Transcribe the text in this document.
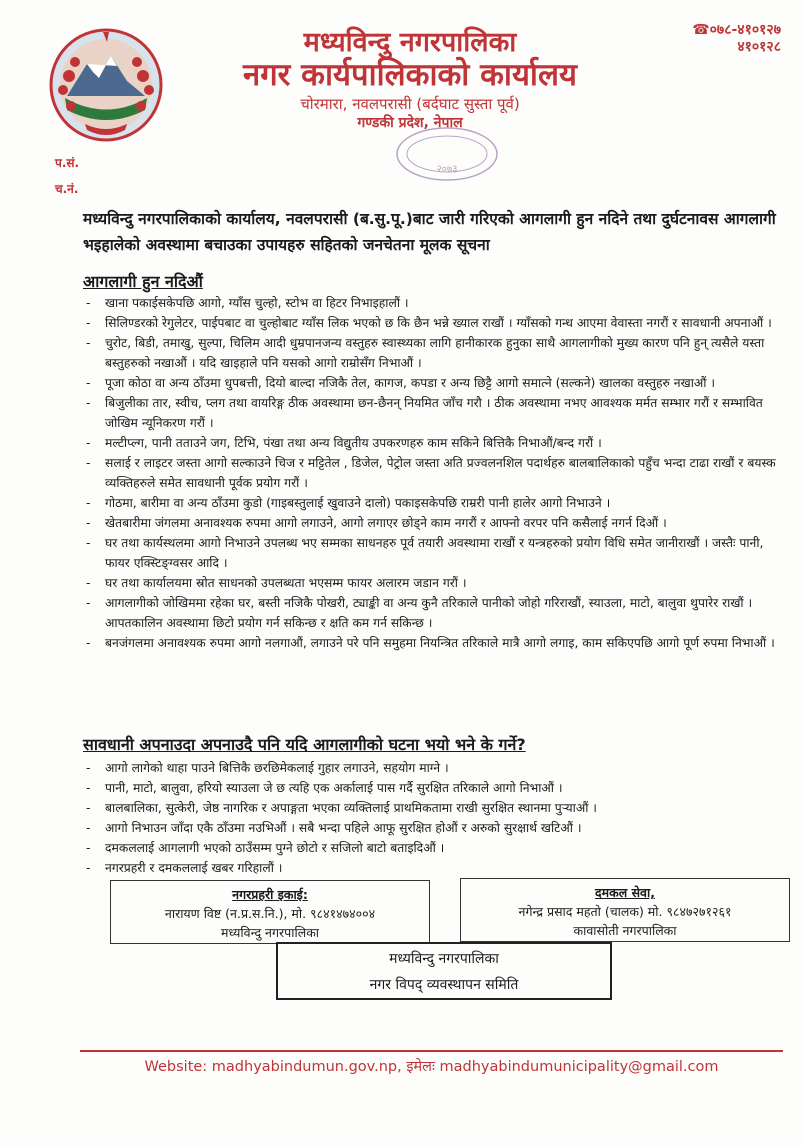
मध्यविन्दु नगरपालिका
नगर कार्यपालिकाको कार्यालय
चोरमारा, नवलपरासी (बर्दघाट सुस्ता पूर्व)
गण्डकी प्रदेश, नेपाल
☎०७८-४१०१२७
४१०१२८
२०७३
प.सं.
च.नं.
मध्यविन्दु नगरपालिकाको कार्यालय, नवलपरासी (ब.सु.पू.)बाट जारी गरिएको आगलागी हुन नदिने तथा दुर्घटनावस आगलागी भइहालेको अवस्थामा बचाउका उपायहरु सहितको जनचेतना मूलक सूचना
आगलागी हुन नदिऔं
- खाना पकाईसकेपछि आगो, ग्याँस चुल्हो, स्टोभ वा हिटर निभाइहालौं ।
- सिलिण्डरको रेगुलेटर, पाईपबाट वा चुल्होबाट ग्याँस लिक भएको छ कि छैन भन्ने ख्याल राखौं । ग्याँसको गन्ध आएमा वेवास्ता नगरौं र सावधानी अपनाऔं ।
- चुरोट, बिडी, तमाखु, सुल्पा, चिलिम आदी धुम्रपानजन्य वस्तुहरु स्वास्थ्यका लागि हानीकारक हुनुका साथै आगलागीको मुख्य कारण पनि हुन् त्यसैले यस्ता बस्तुहरुको नखाऔं । यदि खाइहाले पनि यसको आगो राम्रोसँग निभाऔं ।
- पूजा कोठा वा अन्य ठाँउमा धुपबत्ती, दियो बाल्दा नजिकै तेल, कागज, कपडा र अन्य छिट्टै आगो समात्ने (सल्कने) खालका वस्तुहरु नखाऔं ।
- बिजुलीका तार, स्वीच, प्लग तथा वायरिङ्ग ठीक अवस्थामा छन-छैनन् नियमित जाँच गरौ । ठीक अवस्थामा नभए आवश्यक मर्मत सम्भार गरौं र सम्भावित जोखिम न्यूनिकरण गरौं ।
- मल्टीप्ल्ग, पानी तताउने जग, टिभि, पंखा तथा अन्य विद्युतीय उपकरणहरु काम सकिने बित्तिकै निभाऔं/बन्द गरौं ।
- सलाई र लाइटर जस्ता आगो सल्काउने चिज र मट्टितेल , डिजेल, पेट्रोल जस्ता अति प्रज्वलनशिल पदार्थहरु बालबालिकाको पहुँच भन्दा टाढा राखौं र बयस्क व्यक्तिहरुले समेत सावधानी पूर्वक प्रयोग गरौं ।
- गोठमा, बारीमा वा अन्य ठाँउमा कुडो (गाइबस्तुलाई खुवाउने दालो) पकाइसकेपछि राम्ररी पानी हालेर आगो निभाउने ।
- खेतबारीमा जंगलमा अनावश्यक रुपमा आगो लगाउने, आगो लगाएर छोड्ने काम नगरौं र आफ्नो वरपर पनि कसैलाई नगर्न दिऔं ।
- घर तथा कार्यस्थलमा आगो निभाउने उपलब्ध भए सम्मका साधनहरु पूर्व तयारी अवस्थामा राखौं र यन्त्रहरुको प्रयोग विधि समेत जानीराखौं । जस्तैः पानी, फायर एक्स्टिङ्ग्वसर आदि ।
- घर तथा कार्यालयमा स्रोत साधनको उपलब्धता भएसम्म फायर अलारम जडान गरौं ।
- आगलागीको जोखिममा रहेका घर, बस्ती नजिकै पोखरी, ट्याङ्की वा अन्य कुनै तरिकाले पानीको जोहो गरिराखौं, स्याउला, माटो, बालुवा थुपारेर राखौं । आपतकालिन अवस्थामा छिटो प्रयोग गर्न सकिन्छ र क्षति कम गर्न सकिन्छ ।
- बनजंगलमा अनावश्यक रुपमा आगो नलगाऔं, लगाउने परे पनि समुहमा नियन्त्रित तरिकाले मात्रै आगो लगाइ, काम सकिएपछि आगो पूर्ण रुपमा निभाऔं ।
सावधानी अपनाउदा अपनाउदै पनि यदि आगलागीको घटना भयो भने के गर्ने?
- आगो लागेको थाहा पाउने बित्तिकै छरछिमेकलाई गुहार लगाउने, सहयोग माग्ने ।
- पानी, माटो, बालुवा, हरियो स्याउला जे छ त्यहि एक अर्कालाई पास गर्दै सुरक्षित तरिकाले आगो निभाऔं ।
- बालबालिका, सुत्केरी, जेष्ठ नागरिक र अपाङ्गता भएका व्यक्तिलाई प्राथमिकतामा राखी सुरक्षित स्थानमा पुऱ्याऔं ।
- आगो निभाउन जाँदा एकै ठाँउमा नउभिऔं । सबै भन्दा पहिले आफू सुरक्षित होऔं र अरुको सुरक्षार्थ खटिऔं ।
- दमकललाई आगलागी भएको ठाउँसम्म पुग्ने छोटो र सजिलो बाटो बताइदिऔं ।
- नगरप्रहरी र दमकललाई खबर गरिहालौं ।
नगरप्रहरी इकाई:
नारायण विष्ट (न.प्र.स.नि.), मो. ९८४१४७४००४
मध्यविन्दु नगरपालिका
दमकल सेवा,
नगेन्द्र प्रसाद महतो (चालक) मो. ९८४७२७१२६१
कावासोती नगरपालिका
मध्यविन्दु नगरपालिका
नगर विपद् व्यवस्थापन समिति
Website: madhyabindumun.gov.np, इमेलः madhyabindumunicipality@gmail.com
